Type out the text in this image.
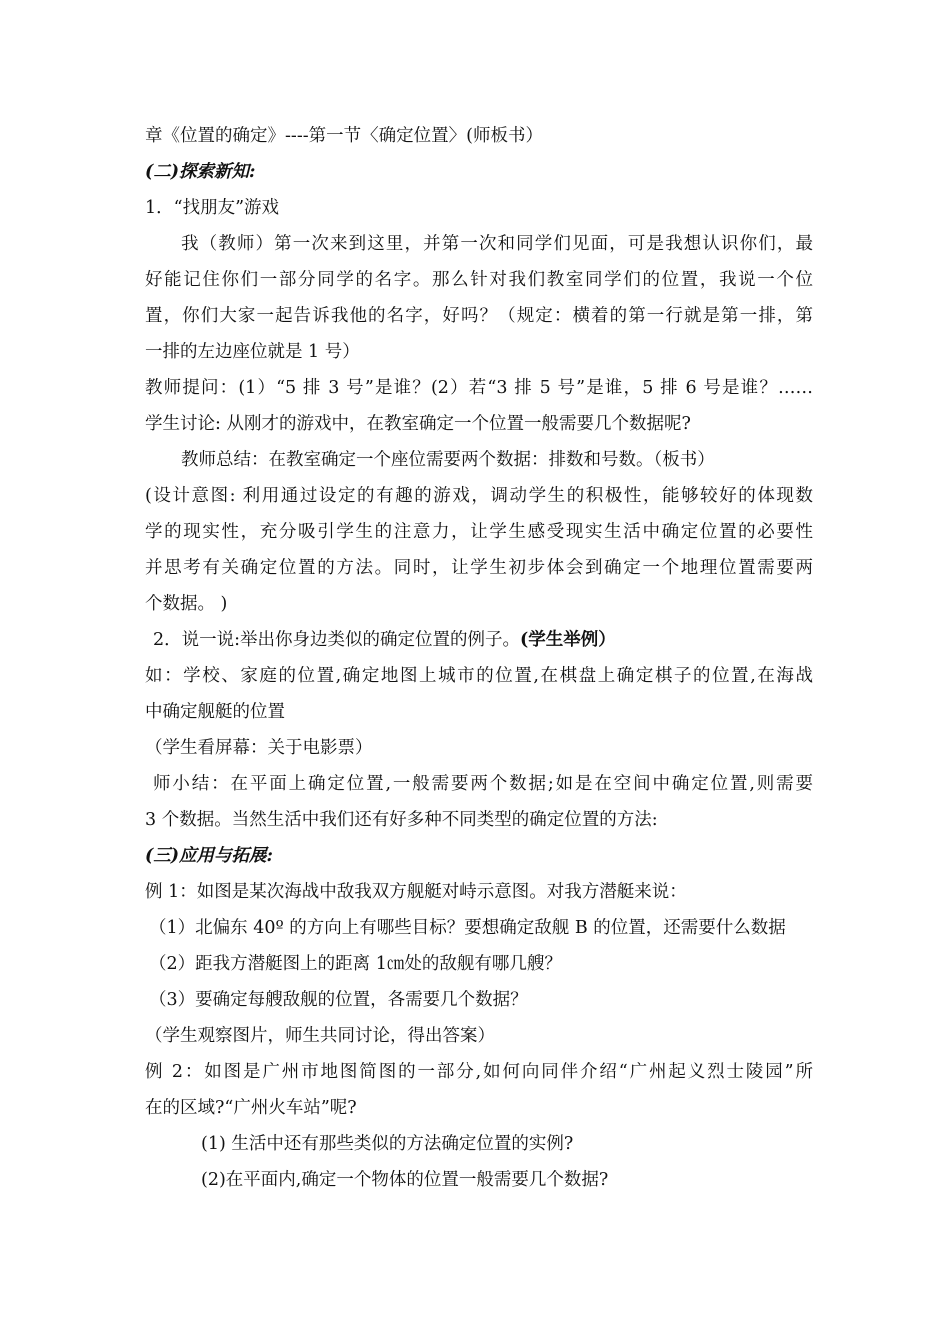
章《位置的确定》----第一节〈确定位置〉(师板书）
(二)探索新知:
1．“找朋友”游戏
我（教师）第一次来到这里，并第一次和同学们见面，可是我想认识你们，最
好能记住你们一部分同学的名字。那么针对我们教室同学们的位置，我说一个位
置，你们大家一起告诉我他的名字，好吗？（规定：横着的第一行就是第一排，第
一排的左边座位就是 1 号）
教师提问：(1）“5 排 3 号”是谁？(2）若“3 排 5 号”是谁，5 排 6 号是谁？……
学生讨论: 从刚才的游戏中，在教室确定一个位置一般需要几个数据呢?
教师总结：在教室确定一个座位需要两个数据：排数和号数。（板书）
(设计意图: 利用通过设定的有趣的游戏，调动学生的积极性，能够较好的体现数
学的现实性，充分吸引学生的注意力，让学生感受现实生活中确定位置的必要性
并思考有关确定位置的方法。同时，让学生初步体会到确定一个地理位置需要两
个数据。 )
2．说一说:举出你身边类似的确定位置的例子。(学生举例）
如：学校、家庭的位置,确定地图上城市的位置,在棋盘上确定棋子的位置,在海战
中确定舰艇的位置
（学生看屏幕：关于电影票）
师小结：在平面上确定位置,一般需要两个数据;如是在空间中确定位置,则需要
3 个数据。当然生活中我们还有好多种不同类型的确定位置的方法:
(三)应用与拓展:
例 1：如图是某次海战中敌我双方舰艇对峙示意图。对我方潜艇来说：
（1）北偏东 40º 的方向上有哪些目标？要想确定敌舰 B 的位置，还需要什么数据
（2）距我方潜艇图上的距离 1㎝处的敌舰有哪几艘？
（3）要确定每艘敌舰的位置，各需要几个数据？
（学生观察图片，师生共同讨论，得出答案）
例 2：如图是广州市地图简图的一部分,如何向同伴介绍“广州起义烈士陵园”所
在的区域?“广州火车站”呢?
(1) 生活中还有那些类似的方法确定位置的实例?
(2)在平面内,确定一个物体的位置一般需要几个数据?
